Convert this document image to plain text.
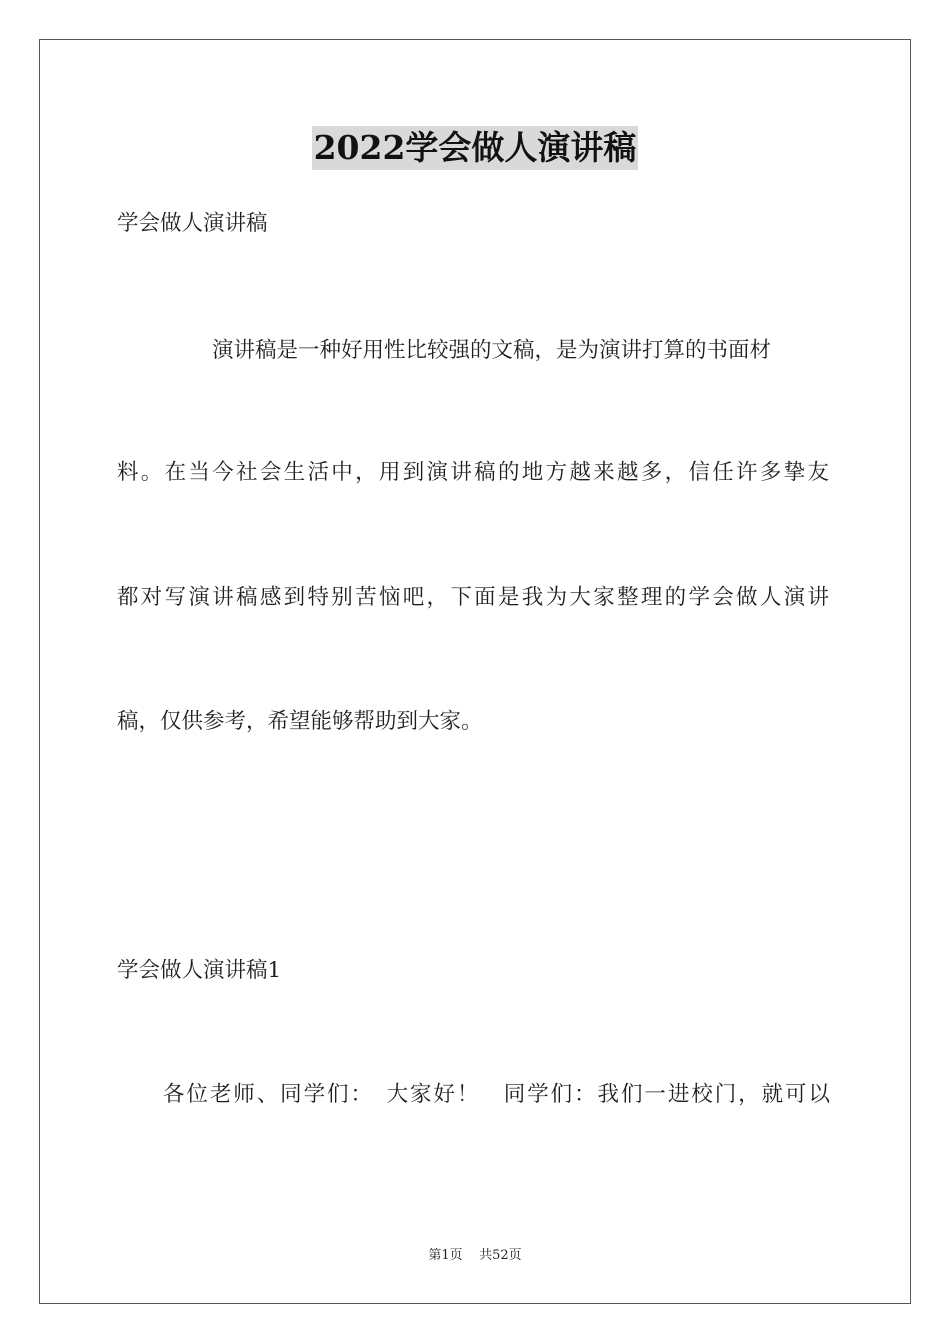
2022学会做人演讲稿
学会做人演讲稿
演讲稿是一种好用性比较强的文稿，是为演讲打算的书面材
料。在当今社会生活中，用到演讲稿的地方越来越多，信任许多挚友
都对写演讲稿感到特别苦恼吧，下面是我为大家整理的学会做人演讲
稿，仅供参考，希望能够帮助到大家。
学会做人演讲稿1
各位老师、同学们：　大家好！　同学们：我们一进校门，就可以
第1页 共52页
